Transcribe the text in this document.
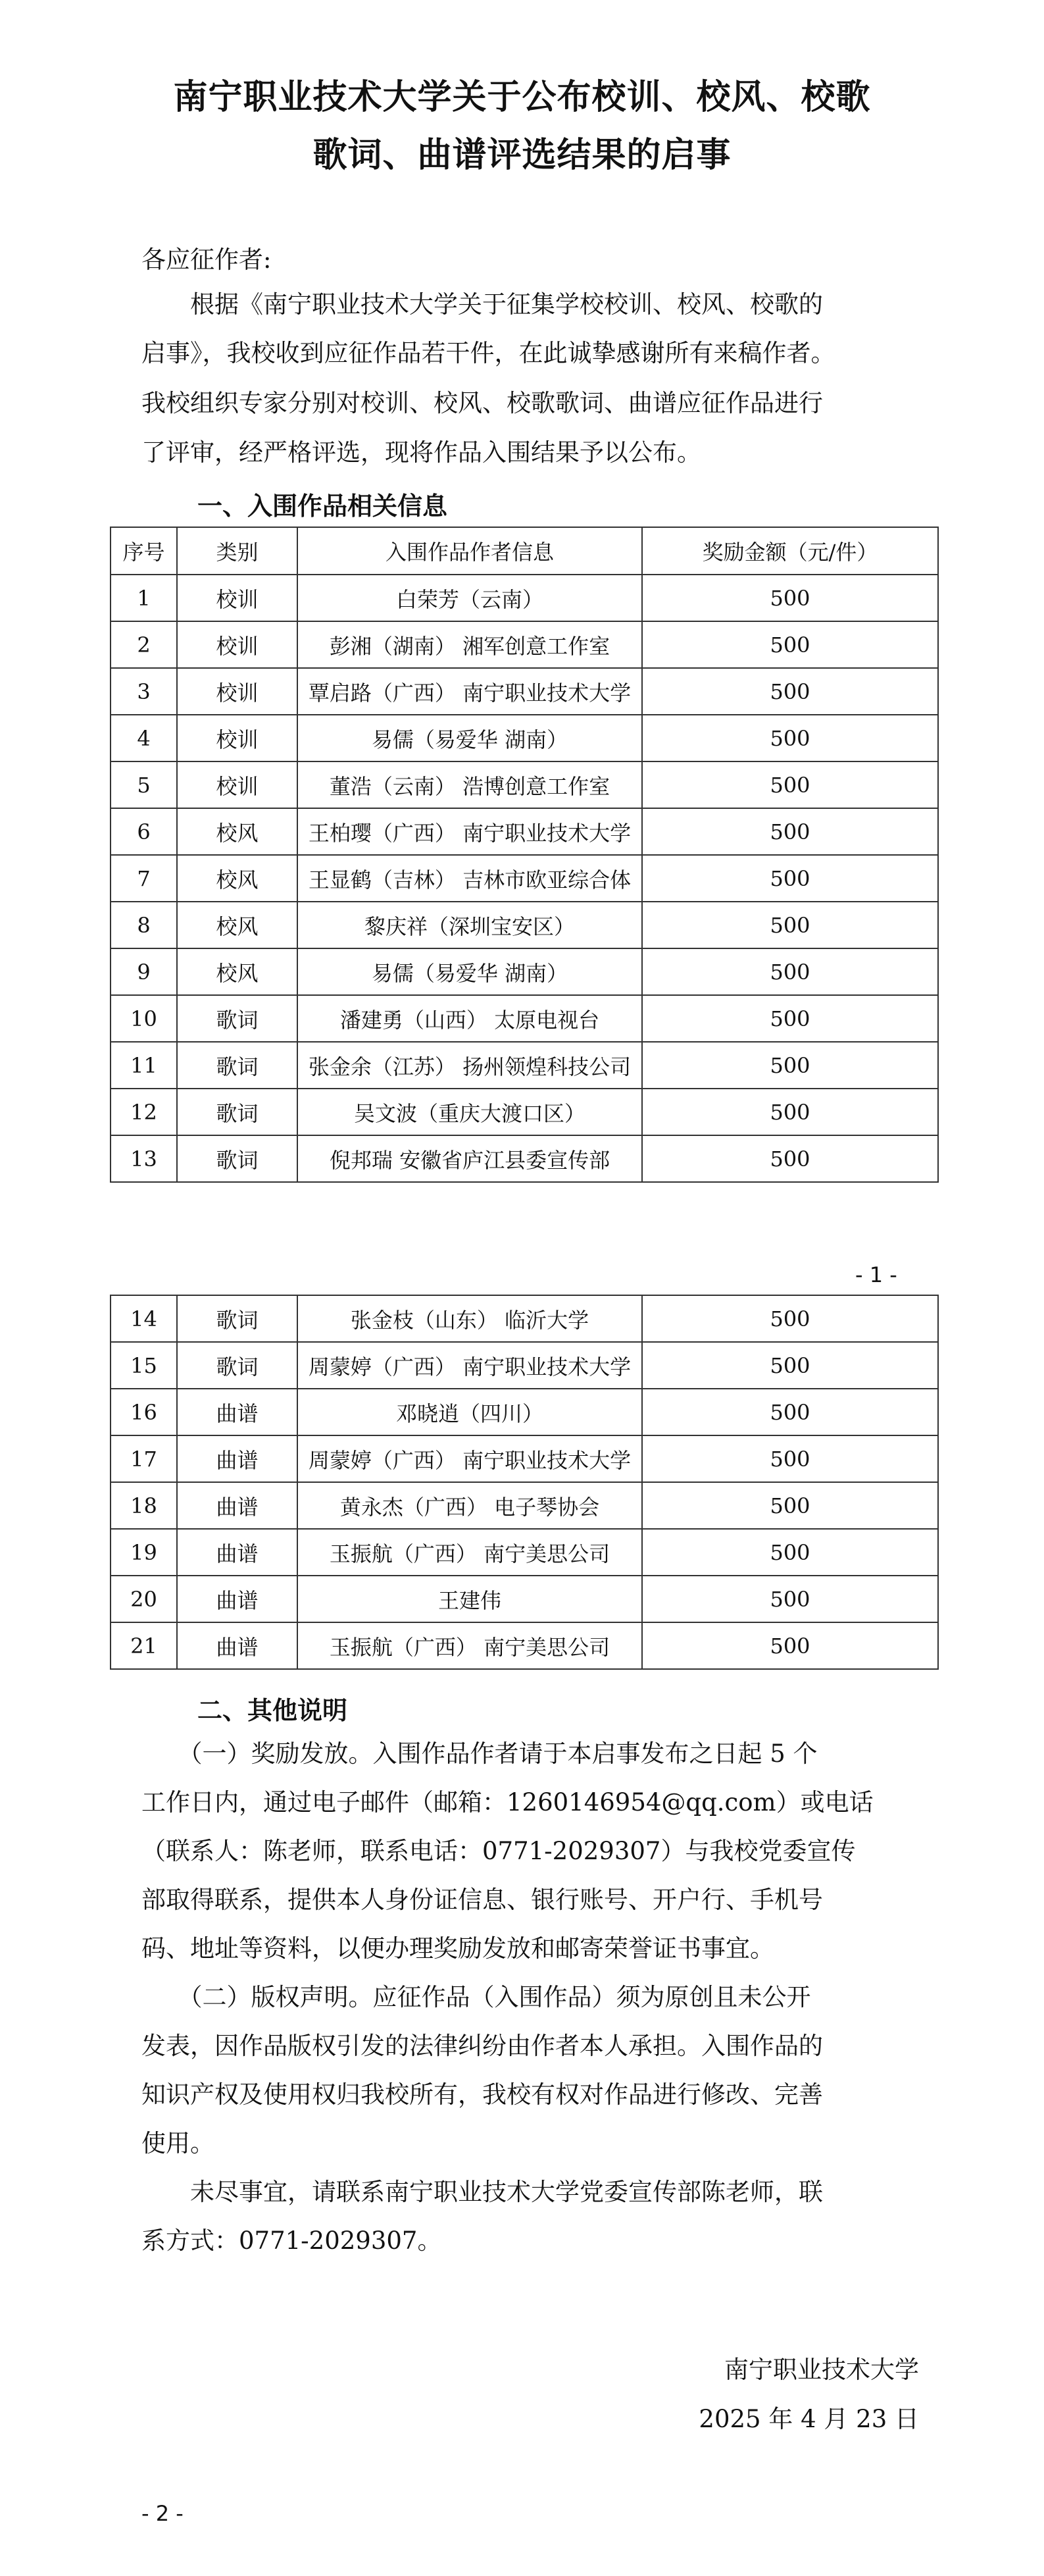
南宁职业技术大学关于公布校训、校风、校歌
歌词、曲谱评选结果的启事
各应征作者:
　　根据《南宁职业技术大学关于征集学校校训、校风、校歌的
启事》，我校收到应征作品若干件，在此诚挚感谢所有来稿作者。
我校组织专家分别对校训、校风、校歌歌词、曲谱应征作品进行
了评审，经严格评选，现将作品入围结果予以公布。
一、入围作品相关信息
序号	类别	入围作品作者信息	奖励金额（元/件）
1	校训	白荣芳（云南）	500
2	校训	彭湘（湖南） 湘军创意工作室	500
3	校训	覃启路（广西） 南宁职业技术大学	500
4	校训	易儒（易爱华 湖南）	500
5	校训	董浩（云南） 浩博创意工作室	500
6	校风	王柏璎（广西） 南宁职业技术大学	500
7	校风	王显鹤（吉林） 吉林市欧亚综合体	500
8	校风	黎庆祥（深圳宝安区）	500
9	校风	易儒（易爱华 湖南）	500
10	歌词	潘建勇（山西） 太原电视台	500
11	歌词	张金余（江苏） 扬州领煌科技公司	500
12	歌词	吴文波（重庆大渡口区）	500
13	歌词	倪邦瑞 安徽省庐江县委宣传部	500
- 1 -
14	歌词	张金枝（山东） 临沂大学	500
15	歌词	周蒙婷（广西） 南宁职业技术大学	500
16	曲谱	邓晓逍（四川）	500
17	曲谱	周蒙婷（广西） 南宁职业技术大学	500
18	曲谱	黄永杰（广西） 电子琴协会	500
19	曲谱	玉振航（广西） 南宁美思公司	500
20	曲谱	王建伟	500
21	曲谱	玉振航（广西） 南宁美思公司	500
二、其他说明
　　（一）奖励发放。入围作品作者请于本启事发布之日起 5 个
工作日内，通过电子邮件（邮箱：1260146954@qq.com）或电话
（联系人：陈老师，联系电话：0771-2029307）与我校党委宣传
部取得联系，提供本人身份证信息、银行账号、开户行、手机号
码、地址等资料，以便办理奖励发放和邮寄荣誉证书事宜。
　　（二）版权声明。应征作品（入围作品）须为原创且未公开
发表，因作品版权引发的法律纠纷由作者本人承担。入围作品的
知识产权及使用权归我校所有，我校有权对作品进行修改、完善
使用。
　　未尽事宜，请联系南宁职业技术大学党委宣传部陈老师，联
系方式：0771-2029307。
南宁职业技术大学
2025 年 4 月 23 日
- 2 -
